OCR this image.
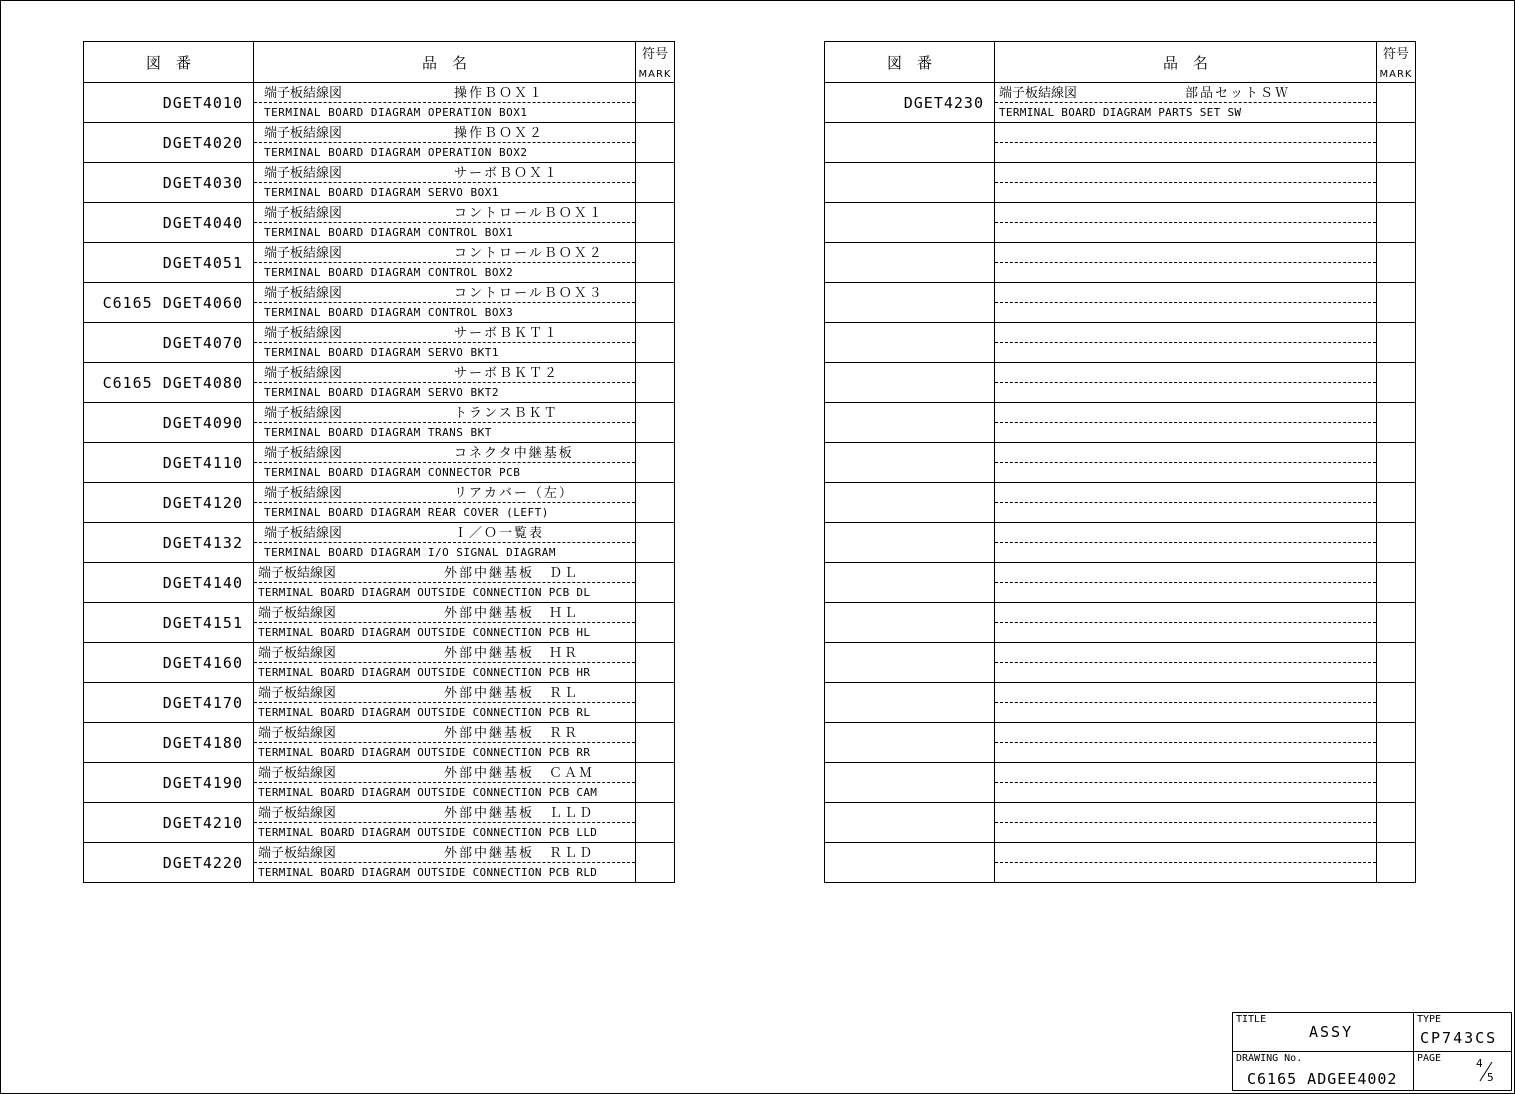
図　番	品　名	符号
MARK

DGET4010	端子板結線図 操作ＢＯＸ１
TERMINAL BOARD DIAGRAM OPERATION BOX1	

DGET4020	端子板結線図 操作ＢＯＸ２
TERMINAL BOARD DIAGRAM OPERATION BOX2	

DGET4030	端子板結線図 サーボＢＯＸ１
TERMINAL BOARD DIAGRAM SERVO BOX1	

DGET4040	端子板結線図 コントロールＢＯＸ１
TERMINAL BOARD DIAGRAM CONTROL BOX1	

DGET4051	端子板結線図 コントロールＢＯＸ２
TERMINAL BOARD DIAGRAM CONTROL BOX2	

C6165 DGET4060	端子板結線図 コントロールＢＯＸ３
TERMINAL BOARD DIAGRAM CONTROL BOX3	

DGET4070	端子板結線図 サーボＢＫＴ１
TERMINAL BOARD DIAGRAM SERVO BKT1	

C6165 DGET4080	端子板結線図 サーボＢＫＴ２
TERMINAL BOARD DIAGRAM SERVO BKT2	

DGET4090	端子板結線図 トランスＢＫＴ
TERMINAL BOARD DIAGRAM TRANS BKT	

DGET4110	端子板結線図 コネクタ中継基板
TERMINAL BOARD DIAGRAM CONNECTOR PCB	

DGET4120	端子板結線図 リアカバー（左）
TERMINAL BOARD DIAGRAM REAR COVER (LEFT)	

DGET4132	端子板結線図 Ｉ／Ｏ一覧表
TERMINAL BOARD DIAGRAM I/O SIGNAL DIAGRAM	

DGET4140	端子板結線図 外部中継基板　ＤＬ
TERMINAL BOARD DIAGRAM OUTSIDE CONNECTION PCB DL	

DGET4151	端子板結線図 外部中継基板　ＨＬ
TERMINAL BOARD DIAGRAM OUTSIDE CONNECTION PCB HL	

DGET4160	端子板結線図 外部中継基板　ＨＲ
TERMINAL BOARD DIAGRAM OUTSIDE CONNECTION PCB HR	

DGET4170	端子板結線図 外部中継基板　ＲＬ
TERMINAL BOARD DIAGRAM OUTSIDE CONNECTION PCB RL	

DGET4180	端子板結線図 外部中継基板　ＲＲ
TERMINAL BOARD DIAGRAM OUTSIDE CONNECTION PCB RR	

DGET4190	端子板結線図 外部中継基板　ＣＡＭ
TERMINAL BOARD DIAGRAM OUTSIDE CONNECTION PCB CAM	

DGET4210	端子板結線図 外部中継基板　ＬＬＤ
TERMINAL BOARD DIAGRAM OUTSIDE CONNECTION PCB LLD	

DGET4220	端子板結線図 外部中継基板　ＲＬＤ
TERMINAL BOARD DIAGRAM OUTSIDE CONNECTION PCB RLD	

図　番	品　名	符号
MARK

DGET4230	端子板結線図 部品セットＳＷ
TERMINAL BOARD DIAGRAM PARTS SET SW	

TITLE
ASSY	TYPE
CP743CS

DRAWING No.
C6165 ADGEE4002	PAGE 4
5
